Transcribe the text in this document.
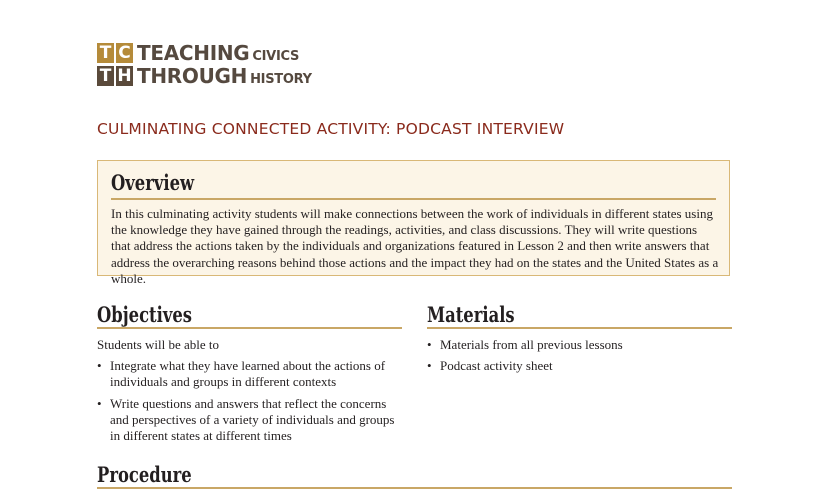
T C
T H
TEACHING CIVICS
THROUGH HISTORY
CULMINATING CONNECTED ACTIVITY: PODCAST INTERVIEW
Overview
In this culminating activity students will make connections between the work of individuals in different states using the knowledge they have gained through the readings, activities, and class discussions. They will write questions that address the actions taken by the individuals and organizations featured in Lesson 2 and then write answers that address the overarching reasons behind those actions and the impact they had on the states and the United States as a whole.
Objectives
Students will be able to
• Integrate what they have learned about the actions of individuals and groups in different contexts
• Write questions and answers that reflect the concerns and perspectives of a variety of individuals and groups in different states at different times
Materials
• Materials from all previous lessons
• Podcast activity sheet
Procedure
